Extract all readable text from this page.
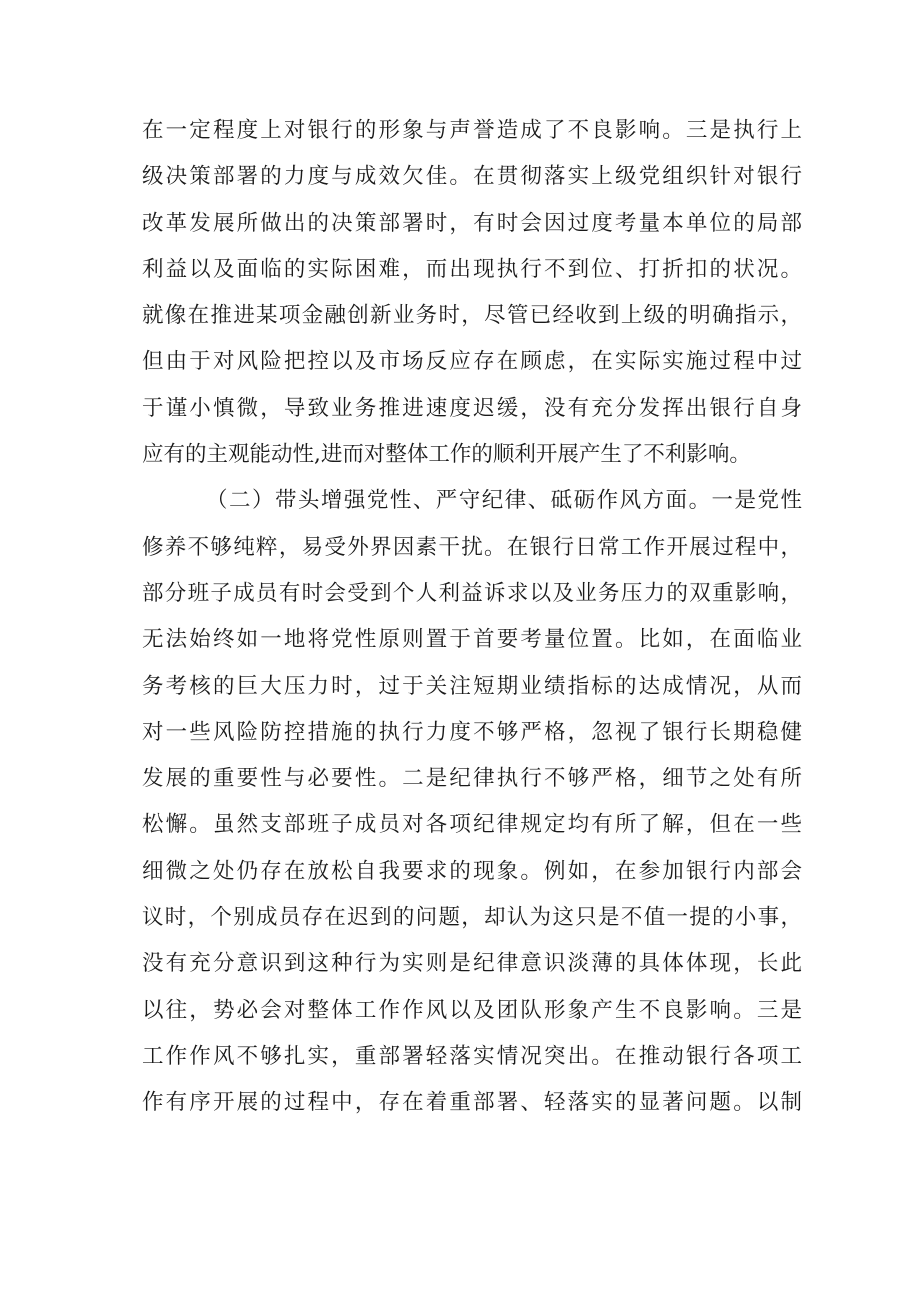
在一定程度上对银行的形象与声誉造成了不良影响。三是执行上
级决策部署的力度与成效欠佳。在贯彻落实上级党组织针对银行
改革发展所做出的决策部署时，有时会因过度考量本单位的局部
利益以及面临的实际困难，而出现执行不到位、打折扣的状况。
就像在推进某项金融创新业务时，尽管已经收到上级的明确指示，
但由于对风险把控以及市场反应存在顾虑，在实际实施过程中过
于谨小慎微，导致业务推进速度迟缓，没有充分发挥出银行自身
应有的主观能动性,进而对整体工作的顺利开展产生了不利影响。
（二）带头增强党性、严守纪律、砥砺作风方面。一是党性
修养不够纯粹，易受外界因素干扰。在银行日常工作开展过程中，
部分班子成员有时会受到个人利益诉求以及业务压力的双重影响，
无法始终如一地将党性原则置于首要考量位置。比如，在面临业
务考核的巨大压力时，过于关注短期业绩指标的达成情况，从而
对一些风险防控措施的执行力度不够严格，忽视了银行长期稳健
发展的重要性与必要性。二是纪律执行不够严格，细节之处有所
松懈。虽然支部班子成员对各项纪律规定均有所了解，但在一些
细微之处仍存在放松自我要求的现象。例如，在参加银行内部会
议时，个别成员存在迟到的问题，却认为这只是不值一提的小事，
没有充分意识到这种行为实则是纪律意识淡薄的具体体现，长此
以往，势必会对整体工作作风以及团队形象产生不良影响。三是
工作作风不够扎实，重部署轻落实情况突出。在推动银行各项工
作有序开展的过程中，存在着重部署、轻落实的显著问题。以制
